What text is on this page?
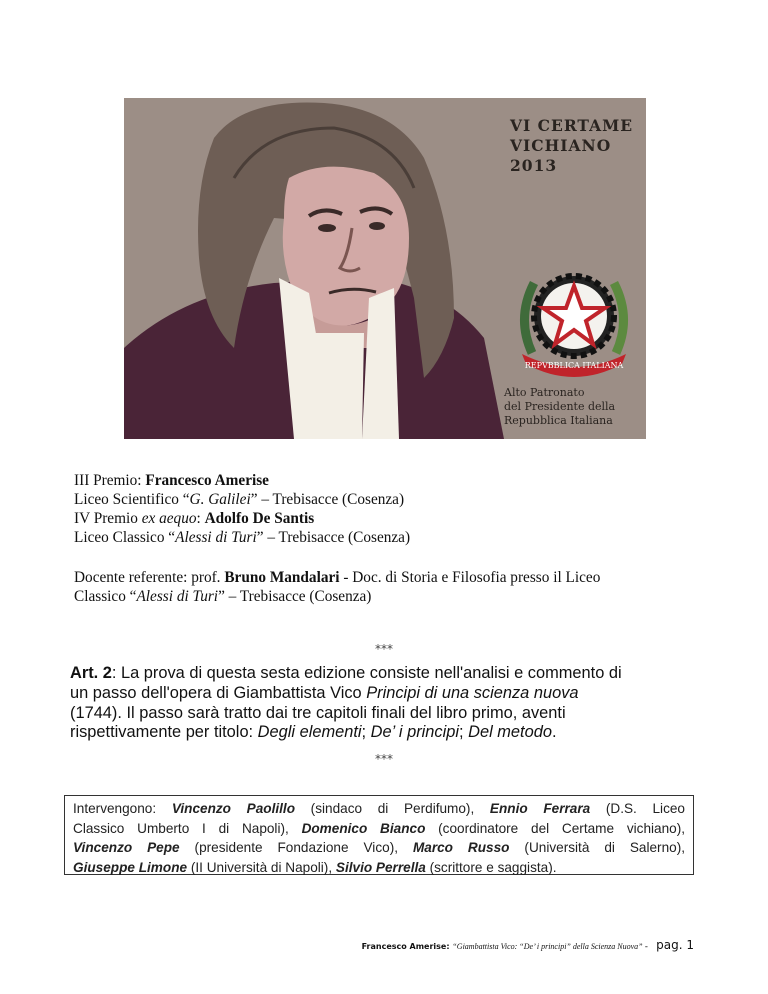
VI CERTAME
VICHIANO
2013
REPVBBLICA ITALIANA
Alto Patronato
del Presidente della
Repubblica Italiana
III Premio: Francesco Amerise
Liceo Scientifico “G. Galilei” – Trebisacce (Cosenza)
IV Premio ex aequo: Adolfo De Santis
Liceo Classico “Alessi di Turi” – Trebisacce (Cosenza)
Docente referente: prof. Bruno Mandalari - Doc. di Storia e Filosofia presso il Liceo
Classico “Alessi di Turi” – Trebisacce (Cosenza)
***
Art. 2: La prova di questa sesta edizione consiste nell'analisi e commento di
un passo dell'opera di Giambattista Vico Principi di una scienza nuova
(1744). Il passo sarà tratto dai tre capitoli finali del libro primo, aventi
rispettivamente per titolo: Degli elementi; De’ i principi; Del metodo.
***
Intervengono: Vincenzo Paolillo (sindaco di Perdifumo), Ennio Ferrara (D.S. Liceo
Classico Umberto I di Napoli), Domenico Bianco (coordinatore del Certame vichiano),
Vincenzo Pepe (presidente Fondazione Vico), Marco Russo (Università di Salerno),
Giuseppe Limone (II Università di Napoli), Silvio Perrella (scrittore e saggista).
Francesco Amerise: “Giambattista Vico: “De’ i principi” della Scienza Nuova” - pag. 1
